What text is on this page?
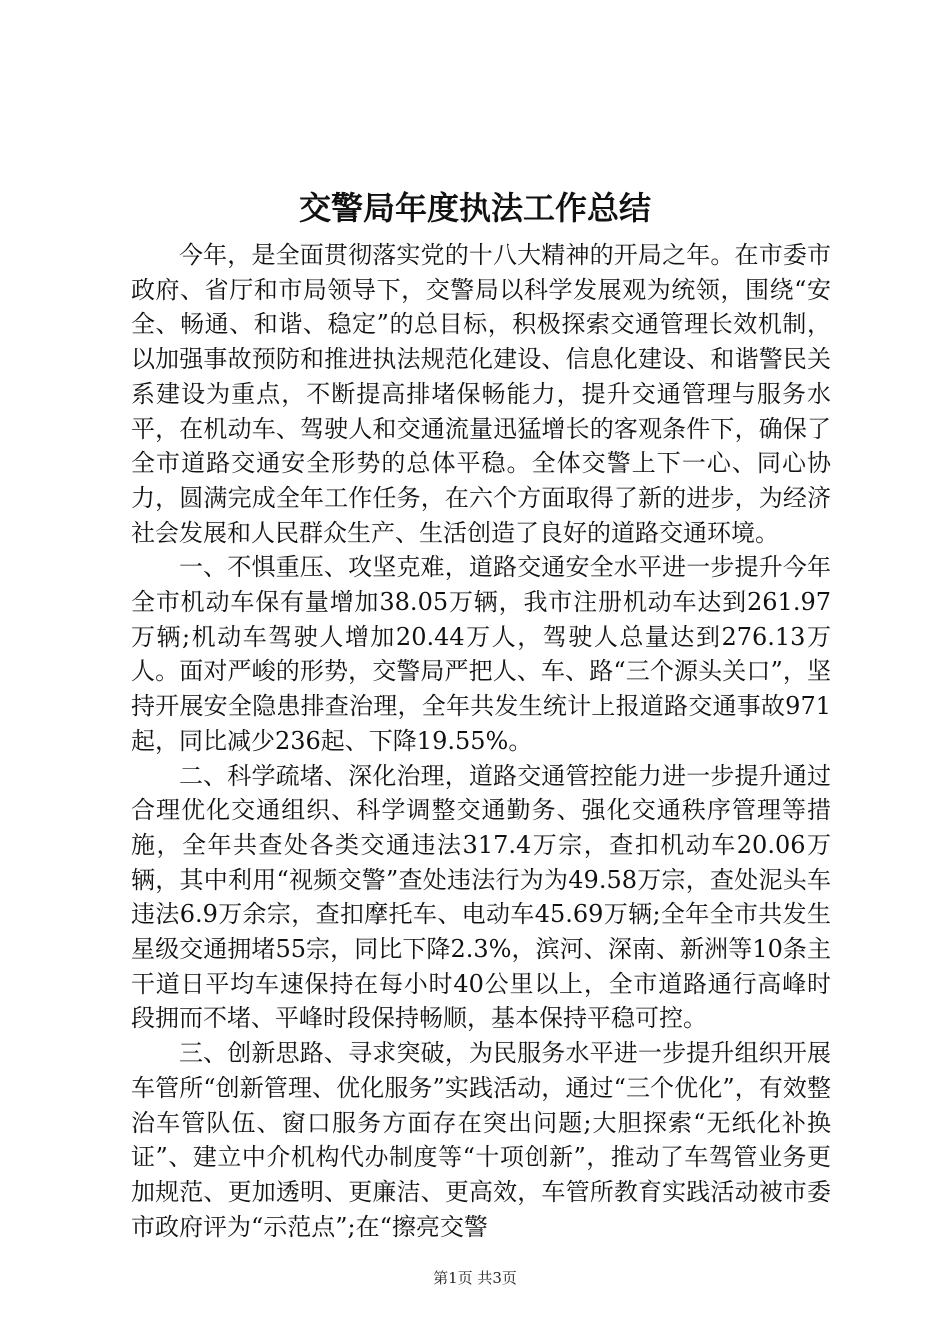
交警局年度执法工作总结

今年，是全面贯彻落实党的十八大精神的开局之年。在市委市政府、省厅和市局领导下，交警局以科学发展观为统领，围绕“安全、畅通、和谐、稳定”的总目标，积极探索交通管理长效机制，以加强事故预防和推进执法规范化建设、信息化建设、和谐警民关系建设为重点，不断提高排堵保畅能力，提升交通管理与服务水平，在机动车、驾驶人和交通流量迅猛增长的客观条件下，确保了全市道路交通安全形势的总体平稳。全体交警上下一心、同心协力，圆满完成全年工作任务，在六个方面取得了新的进步，为经济社会发展和人民群众生产、生活创造了良好的道路交通环境。

一、不惧重压、攻坚克难，道路交通安全水平进一步提升今年全市机动车保有量增加38.05万辆，我市注册机动车达到261.97万辆;机动车驾驶人增加20.44万人，驾驶人总量达到276.13万人。面对严峻的形势，交警局严把人、车、路“三个源头关口”，坚持开展安全隐患排查治理，全年共发生统计上报道路交通事故971起，同比减少236起、下降19.55%。

二、科学疏堵、深化治理，道路交通管控能力进一步提升通过合理优化交通组织、科学调整交通勤务、强化交通秩序管理等措施，全年共查处各类交通违法317.4万宗，查扣机动车20.06万辆，其中利用“视频交警”查处违法行为为49.58万宗，查处泥头车违法6.9万余宗，查扣摩托车、电动车45.69万辆;全年全市共发生星级交通拥堵55宗，同比下降2.3%，滨河、深南、新洲等10条主干道日平均车速保持在每小时40公里以上，全市道路通行高峰时段拥而不堵、平峰时段保持畅顺，基本保持平稳可控。

三、创新思路、寻求突破，为民服务水平进一步提升组织开展车管所“创新管理、优化服务”实践活动，通过“三个优化”，有效整治车管队伍、窗口服务方面存在突出问题;大胆探索“无纸化补换证”、建立中介机构代办制度等“十项创新”，推动了车驾管业务更加规范、更加透明、更廉洁、更高效，车管所教育实践活动被市委市政府评为“示范点”;在“擦亮交警

第1页 共3页
